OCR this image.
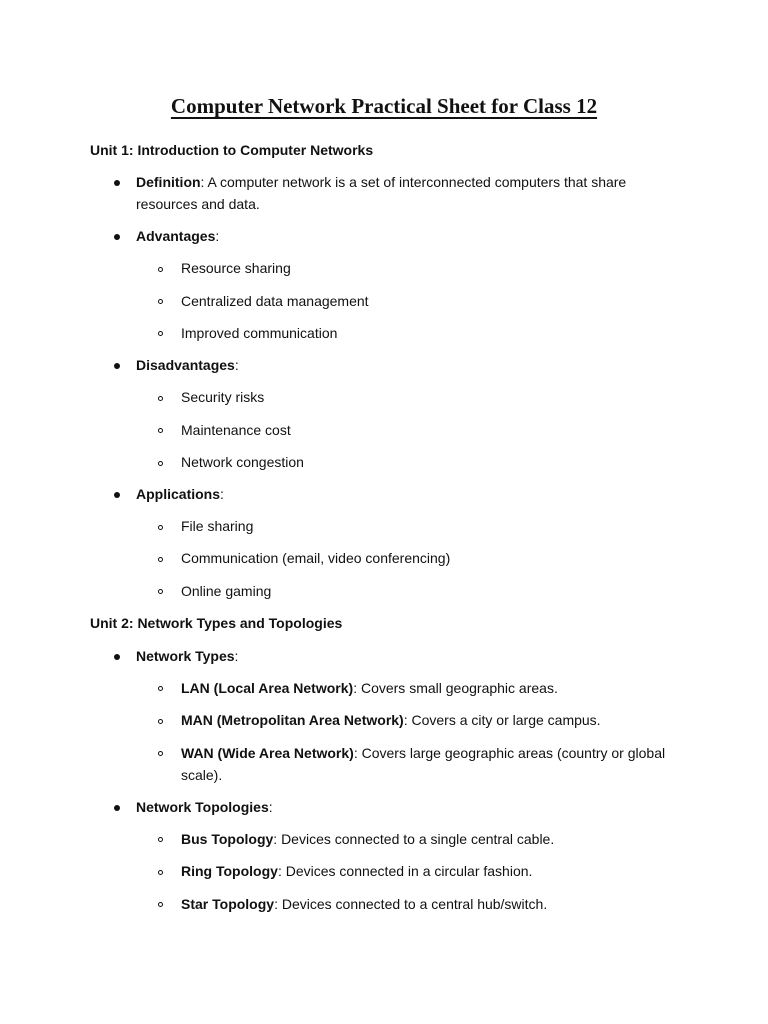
Computer Network Practical Sheet for Class 12
Unit 1: Introduction to Computer Networks
Definition: A computer network is a set of interconnected computers that share
resources and data.
Advantages:
Resource sharing
Centralized data management
Improved communication
Disadvantages:
Security risks
Maintenance cost
Network congestion
Applications:
File sharing
Communication (email, video conferencing)
Online gaming
Unit 2: Network Types and Topologies
Network Types:
LAN (Local Area Network): Covers small geographic areas.
MAN (Metropolitan Area Network): Covers a city or large campus.
WAN (Wide Area Network): Covers large geographic areas (country or global
scale).
Network Topologies:
Bus Topology: Devices connected to a single central cable.
Ring Topology: Devices connected in a circular fashion.
Star Topology: Devices connected to a central hub/switch.
